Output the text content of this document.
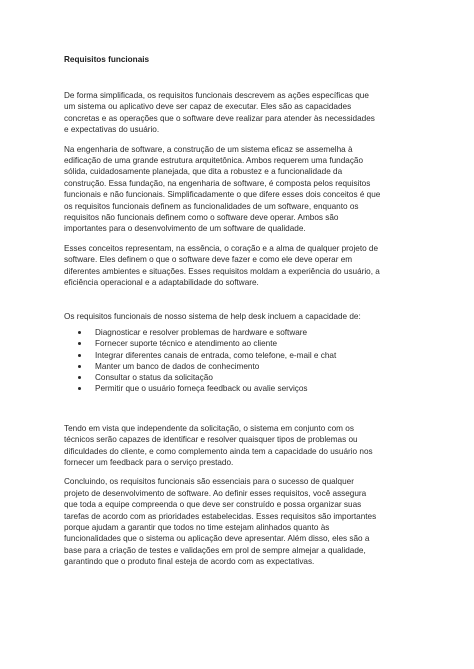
Requisitos funcionais

De forma simplificada, os requisitos funcionais descrevem as ações específicas que
um sistema ou aplicativo deve ser capaz de executar. Eles são as capacidades
concretas e as operações que o software deve realizar para atender às necessidades
e expectativas do usuário.

Na engenharia de software, a construção de um sistema eficaz se assemelha à
edificação de uma grande estrutura arquitetônica. Ambos requerem uma fundação
sólida, cuidadosamente planejada, que dita a robustez e a funcionalidade da
construção. Essa fundação, na engenharia de software, é composta pelos requisitos
funcionais e não funcionais. Simplificadamente o que difere esses dois conceitos é que
os requisitos funcionais definem as funcionalidades de um software, enquanto os
requisitos não funcionais definem como o software deve operar. Ambos são
importantes para o desenvolvimento de um software de qualidade.

Esses conceitos representam, na essência, o coração e a alma de qualquer projeto de
software. Eles definem o que o software deve fazer e como ele deve operar em
diferentes ambientes e situações. Esses requisitos moldam a experiência do usuário, a
eficiência operacional e a adaptabilidade do software.

Os requisitos funcionais de nosso sistema de help desk incluem a capacidade de:

Diagnosticar e resolver problemas de hardware e software
Fornecer suporte técnico e atendimento ao cliente
Integrar diferentes canais de entrada, como telefone, e-mail e chat
Manter um banco de dados de conhecimento
Consultar o status da solicitação
Permitir que o usuário forneça feedback ou avalie serviços

Tendo em vista que independente da solicitação, o sistema em conjunto com os
técnicos serão capazes de identificar e resolver quaisquer tipos de problemas ou
dificuldades do cliente, e como complemento ainda tem a capacidade do usuário nos
fornecer um feedback para o serviço prestado.

Concluindo, os requisitos funcionais são essenciais para o sucesso de qualquer
projeto de desenvolvimento de software. Ao definir esses requisitos, você assegura
que toda a equipe compreenda o que deve ser construído e possa organizar suas
tarefas de acordo com as prioridades estabelecidas. Esses requisitos são importantes
porque ajudam a garantir que todos no time estejam alinhados quanto às
funcionalidades que o sistema ou aplicação deve apresentar. Além disso, eles são a
base para a criação de testes e validações em prol de sempre almejar a qualidade,
garantindo que o produto final esteja de acordo com as expectativas.
